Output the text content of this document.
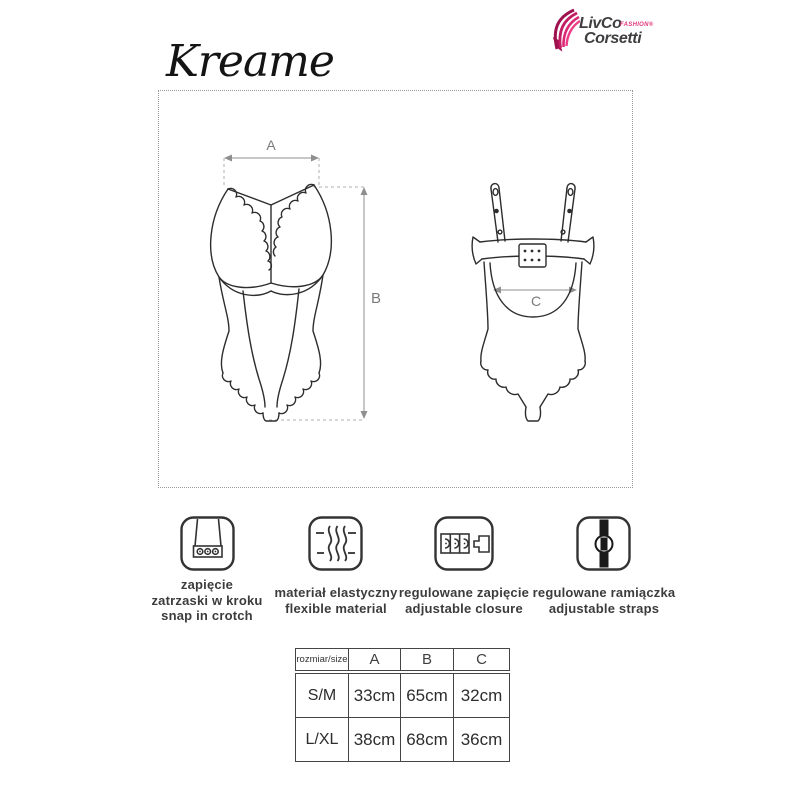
LivCo
FASHION®
Corsetti
Kreame
A
B	C
zapięcie
zatrzaski w kroku
snap in crotch
materiał elastyczny
flexible material
regulowane zapięcie
adjustable closure
regulowane ramiączka
adjustable straps
rozmiar/size	A	B	C
S/M	33cm 65cm 32cm
L/XL 38cm 68cm 36cm
